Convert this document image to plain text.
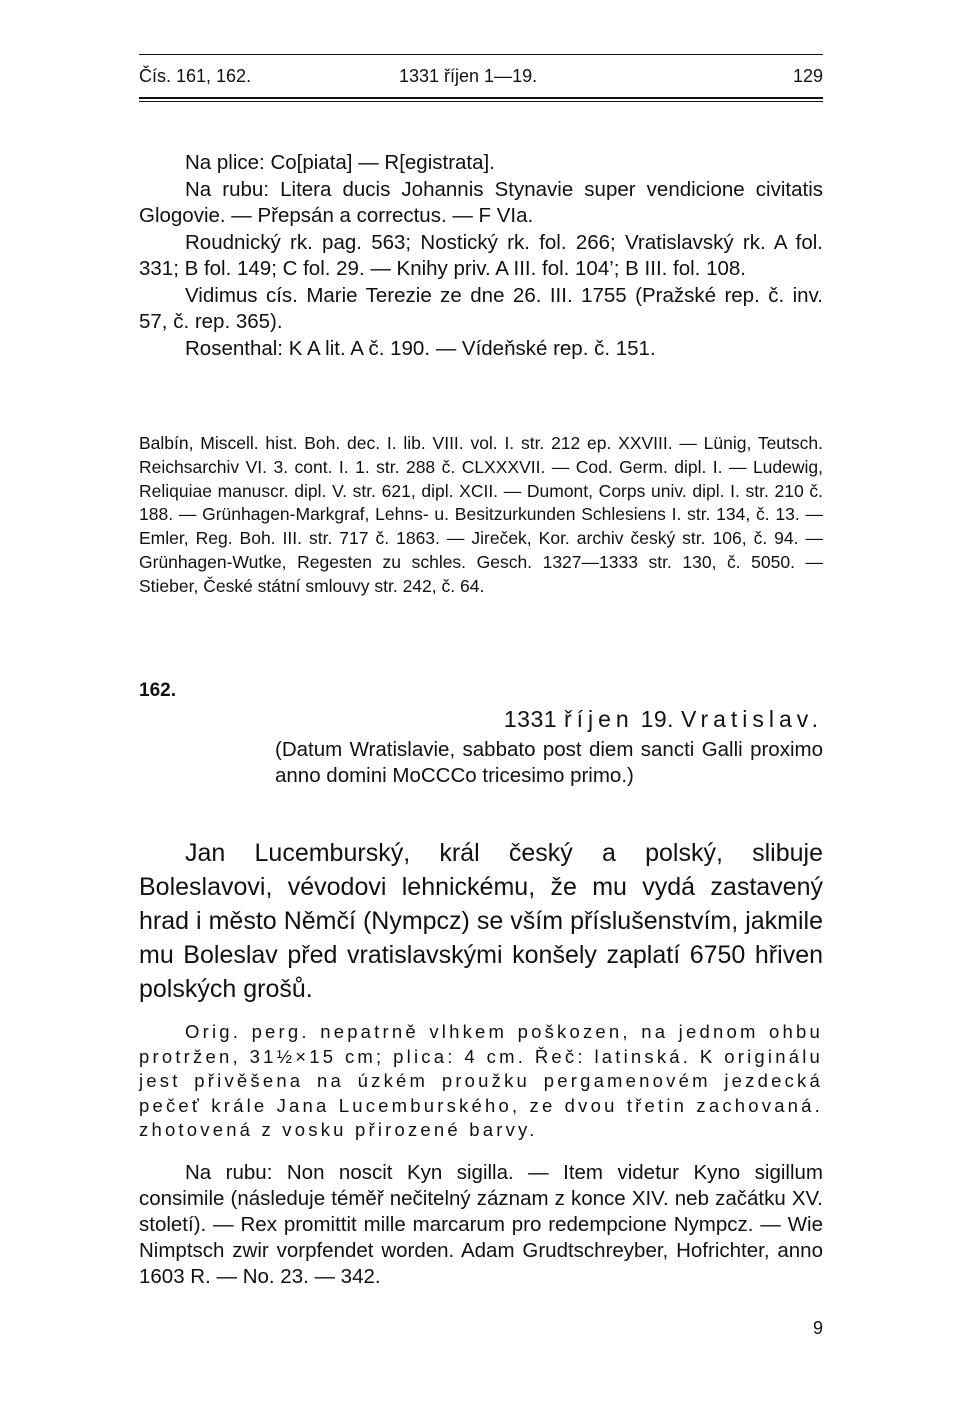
Čís. 161, 162.	1331 říjen 1—19.	129

Na plice: Co[piata] — R[egistrata].

Na rubu: Litera ducis Johannis Stynavie super vendicione civitatis Glogovie. — Přepsán a correctus. — F VIa.

Roudnický rk. pag. 563; Nostický rk. fol. 266; Vratislavský rk. A fol. 331; B fol. 149; C fol. 29. — Knihy priv. A III. fol. 104’; B III. fol. 108.

Vidimus cís. Marie Terezie ze dne 26. III. 1755 (Pražské rep. č. inv. 57, č. rep. 365).

Rosenthal: K A lit. A č. 190. — Vídeňské rep. č. 151.

Balbín, Miscell. hist. Boh. dec. I. lib. VIII. vol. I. str. 212 ep. XXVIII. — Lünig, Teutsch. Reichsarchiv VI. 3. cont. I. 1. str. 288 č. CLXXXVII. — Cod. Germ. dipl. I. — Ludewig, Reliquiae manuscr. dipl. V. str. 621, dipl. XCII. — Dumont, Corps univ. dipl. I. str. 210 č. 188. — Grünhagen-Markgraf, Lehns- u. Besitzurkunden Schlesiens I. str. 134, č. 13. — Emler, Reg. Boh. III. str. 717 č. 1863. — Jireček, Kor. archiv český str. 106, č. 94. — Grünhagen-Wutke, Regesten zu schles. Gesch. 1327—1333 str. 130, č. 5050. — Stieber, České státní smlouvy str. 242, č. 64.

162.

1331 říjen 19. Vratislav.

(Datum Wratislavie, sabbato post diem sancti Galli proximo anno domini MoCCCo tricesimo primo.)

Jan Lucemburský, král český a polský, slibuje Boleslavovi, vévodovi lehnickému, že mu vydá zastavený hrad i město Němčí (Nympcz) se vším příslušenstvím, jakmile mu Boleslav před vratislavskými konšely zaplatí 6750 hřiven polských grošů.

Orig. perg. nepatrně vlhkem poškozen, na jednom ohbu protržen, 31½×15 cm; plica: 4 cm. Řeč: latinská. K originálu jest přivěšena na úzkém proužku pergamenovém jezdecká pečeť krále Jana Lucemburského, ze dvou třetin zachovaná. zhotovená z vosku přirozené barvy.

Na rubu: Non noscit Kyn sigilla. — Item videtur Kyno sigillum consimile (následuje téměř nečitelný záznam z konce XIV. neb začátku XV. století). — Rex promittit mille marcarum pro redempcione Nympcz. — Wie Nimptsch zwir vorpfendet worden. Adam Grudtschreyber, Hofrichter, anno 1603 R. — No. 23. — 342.

9
